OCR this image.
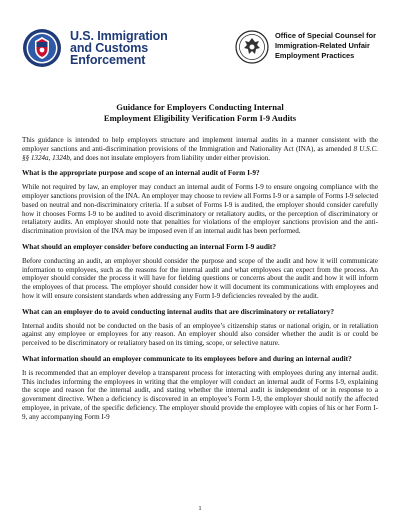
U.S. Immigration
and Customs
Enforcement
Office of Special Counsel for
Immigration-Related Unfair
Employment Practices
Guidance for Employers Conducting Internal
Employment Eligibility Verification Form I-9 Audits

This guidance is intended to help employers structure and implement internal audits in a manner consistent with the employer sanctions and anti-discrimination provisions of the Immigration and Nationality Act (INA), as amended 8 U.S.C. §§ 1324a, 1324b, and does not insulate employers from liability under either provision.

What is the appropriate purpose and scope of an internal audit of Form I-9?

While not required by law, an employer may conduct an internal audit of Forms I-9 to ensure ongoing compliance with the employer sanctions provision of the INA. An employer may choose to review all Forms I-9 or a sample of Forms I-9 selected based on neutral and non-discriminatory criteria. If a subset of Forms I-9 is audited, the employer should consider carefully how it chooses Forms I-9 to be audited to avoid discriminatory or retaliatory audits, or the perception of discriminatory or retaliatory audits. An employer should note that penalties for violations of the employer sanctions provision and the anti-discrimination provision of the INA may be imposed even if an internal audit has been performed.

What should an employer consider before conducting an internal Form I-9 audit?

Before conducting an audit, an employer should consider the purpose and scope of the audit and how it will communicate information to employees, such as the reasons for the internal audit and what employees can expect from the process. An employer should consider the process it will have for fielding questions or concerns about the audit and how it will inform the employees of that process. The employer should consider how it will document its communications with employees and how it will ensure consistent standards when addressing any Form I-9 deficiencies revealed by the audit.

What can an employer do to avoid conducting internal audits that are discriminatory or retaliatory?

Internal audits should not be conducted on the basis of an employee’s citizenship status or national origin, or in retaliation against any employee or employees for any reason. An employer should also consider whether the audit is or could be perceived to be discriminatory or retaliatory based on its timing, scope, or selective nature.

What information should an employer communicate to its employees before and during an internal audit?

It is recommended that an employer develop a transparent process for interacting with employees during any internal audit. This includes informing the employees in writing that the employer will conduct an internal audit of Forms I-9, explaining the scope and reason for the internal audit, and stating whether the internal audit is independent of or in response to a government directive. When a deficiency is discovered in an employee’s Form I-9, the employer should notify the affected employee, in private, of the specific deficiency. The employer should provide the employee with copies of his or her Form I-9, any accompanying Form I-9

1
